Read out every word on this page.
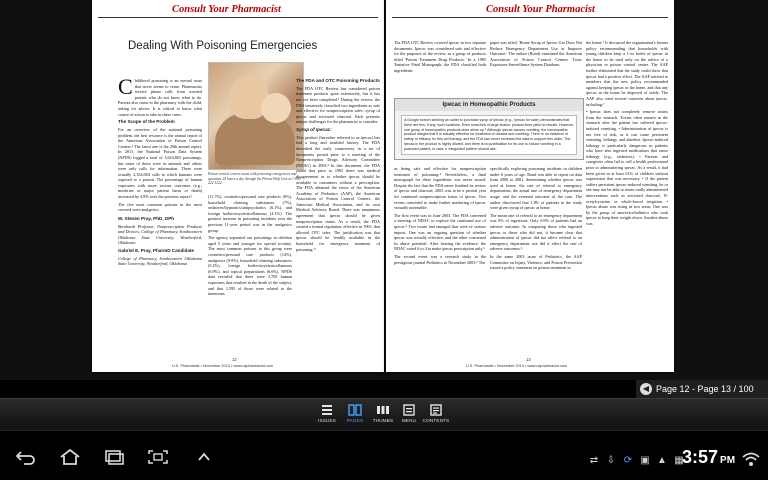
Consult Your Pharmacist
Dealing With Poisoning Emergencies

Childhood poisoning is an eternal issue that never seems to cease. Pharmacists receive phone calls from worried parents who do not know what to do. Parents also come to the pharmacy with the child, asking for advice. It is critical to know what course of action to take in these cases.

The Scope of the Problem

For an overview of the national poisoning problem, the best resource is the annual report of the American Association of Poison Control Centers.¹ The latest one is the 29th annual report. In 2011, the National Poison Data System (NPDS) logged a total of 3,624,863 poisonings, but some of these were in animals and others were only calls for information. There were actually 2,334,004 calls in which humans were exposed to a poison. The percentage of human exposures with more serious outcomes (e.g., moderate or major patient harm or death) increased by 4.8% over the previous report.¹

The five most common poisons in the most covered were analgesics

W. Steven Pray, PhD, DPh

Bernhardt Professor, Nonprescription Products and Devices, College of Pharmacy, Southwestern Oklahoma State University, Weatherford, Oklahoma

Gabriel E. Pray, PharmD Candidate

College of Pharmacy, Southwestern Oklahoma State University, Weatherford, Oklahoma

Poison control centers assist with poisoning emergencies and questions 24 hours a day through the Poison Help Line at 1-800-222-1222.

(11.7%), cosmetics/personal care products (8%), household cleaning substances (7%), sedatives/hypnotics/antipsychotics (6.1%), and foreign bodies/toys/miscellaneous (4.1%). The greatest increase in poisoning incidents over the previous 11-year period was in the analgesics group.

The agency separated out poisonings in children aged 5 years and younger for special scrutiny. The most common poisons in this group were cosmetics/personal care products (14%), analgesics (9.9%), household cleaning substances (9.2%), foreign bodies/toys/miscellaneous (6.9%), and topical preparations (6.6%). NPDS data revealed that there were 2,705 human exposures that resulted in the death of the subject, and that 1,595 of those were related to the intentions.

The FDA and OTC Poisoning Products

The FDA OTC Review has considered poison treatment products quite extensively, but it has not yet been completed.² During the review, the FDA tentatively classified two ingredients as safe and effective for nonprescription sales: syrup of ipecac and activated charcoal. Each presents unique challenges for the pharmacist to consider.

Syrup of Ipecac:

This product (hereafter referred to as ipecac) has had a long and troubled history. The FDA described the early controversy in a set of documents posted prior to a meeting of the Nonprescription Drugs Advisory Committee (NDAC) in 2003.³ In this document, the FDA stated that prior to 1965 there was medical disagreement as to whether ipecac should be available to consumers without a prescription. The FDA obtained the views of the American Academy of Pediatrics (AAP), the American Association of Poison Control Centers, the American Medical Association, and its own Medical Advisory Board. There was unanimous agreement that ipecac should be given nonprescription status. As a result, the FDA created a formal regulation, effective in 1965, that allowed OTC sales. The justification was that ipecac should be 'readily available in the household for emergency treatment of poisoning.'³

12
U.S. Pharmacist • November 2013 • www.uspharmacist.com
Consult Your Pharmacist

The FDA OTC Review covered ipecac in two separate documents. Ipecac was considered safe and effective for the purposes of the review, as a group of products titled 'Poison Treatment Drug Products.' In a 1985 Tentative Final Monograph, the FDA classified both ingredients

paper was titled, 'Home Syrup of Ipecac Use Does Not Reduce Emergency Department Use or Improve Outcome.' The author (Bond) examined the American Association of Poison Control Centers Toxic Exposures Surveillance System Database,

Ipecac in Homeopathic Products
A Google search seeking an outlet to purchase syrup of ipecac (e.g., 'ipecac for sale') demonstrates that there are few, if any, such locations. Even searches of large chains' product lines yield no results. However, one group of homeopathic products does show up.⁹ Although ipecac causes vomiting, the homeopathic product alleges that it is actually effective for treatment of nausea and vomiting. There is no evidence of safety or efficacy for this old therapy, and the FDA has never reviewed the data to support this claim. The ipecac in the product is highly diluted, and there is no justification for its use to induce vomiting in a poisoned patient, in case a 'misguided patient' should ask.

as being safe and effective for nonprescription treatment of poisoning.⁴ Nevertheless, a final monograph for these ingredients was never issued. Despite the fact that the FDA never finished its review of ipecac and charcoal, 2003 was to be a pivotal year for continued nonprescription status of ipecac. Two events coincided to make further marketing of ipecac virtually unfeasible.

The first event was in June 2003. The FDA convened a meeting of NDAC to explore the continued use of ipecac.³ Two issues had emerged that were of serious import. One was an ongoing question of whether ipecac was actually effective, and the other concerned its abuse potential. After hearing the evidence, the NDAC voted 6 to 4 to make ipecac prescription only.⁵

The second event was a research study in the prestigious journal Pediatrics in November 2003.⁶ The

specifically exploring poisoning incidents in children under 6 years of age. Bond was able to report on data from 2000 to 2001, determining whether ipecac was used at home, the rate of referral to emergency departments, the actual rate of emergency department usage, and the eventual outcome of the case. The author discovered that 1.8% of patients in the study were given syrup of ipecac at home.

The mean rate of referral to an emergency department was 9% of ingestions. Only 0.6% of patients had an adverse outcome. In comparing those who ingested ipecac to those who did not, it became clear that administration of ipecac did not affect referral to an emergency department, nor did it affect the rate of adverse outcomes.⁶

In the same 2003 issue of Pediatrics, the AAP Committee on Injury, Violence, and Poison Prevention issued a policy statement on poison treatment in

the home.⁷ It discussed the organization's former policy recommending that households with young children keep a 1-oz bottle of ipecac in the home to be used only on the advice of a physician or poison control center. The AAP further elaborated that the study could show that ipecac had a positive effect. The AAP advised to members that the new policy recommended against keeping ipecac in the home, and that any ipecac in the home be disposed of safely. The AAP also cited several concerns about ipecac, including:⁷

• Ipecac does not completely remove toxins from the stomach. Toxins often remain in the stomach after the patient has suffered ipecac-induced vomiting. • Administration of ipecac is not free of risk, as it can cause persistent vomiting, lethargy, and diarrhea. Ipecac-induced lethargy is particularly dangerous in patients who have also ingested medications that cause lethargy (e.g., sedatives). • Parents and caregivers often fail to call a health professional prior to administering ipecac. As a result, it had been given in at least 61% of children without supervision that was necessary. • If the patient suffers persistent ipecac-induced vomiting, he or she may not be able to retain orally administered interventions such as activated charcoal, N-acetylcysteine, or whole-bowel irrigation. • Ipecac abuse was rising in two areas. One was by the group of anorexics/bulimics who took ipecac to keep their weight down. Another abuse was

13
U.S. Pharmacist • November 2013 • www.uspharmacist.com
◀ Page 12 - Page 13 / 100
ISSUES	PAGES	THUMBS	MENU	CONTENTS
⇄ ⇩ ⟳ ▣ ▲ ▦
3:57 PM
